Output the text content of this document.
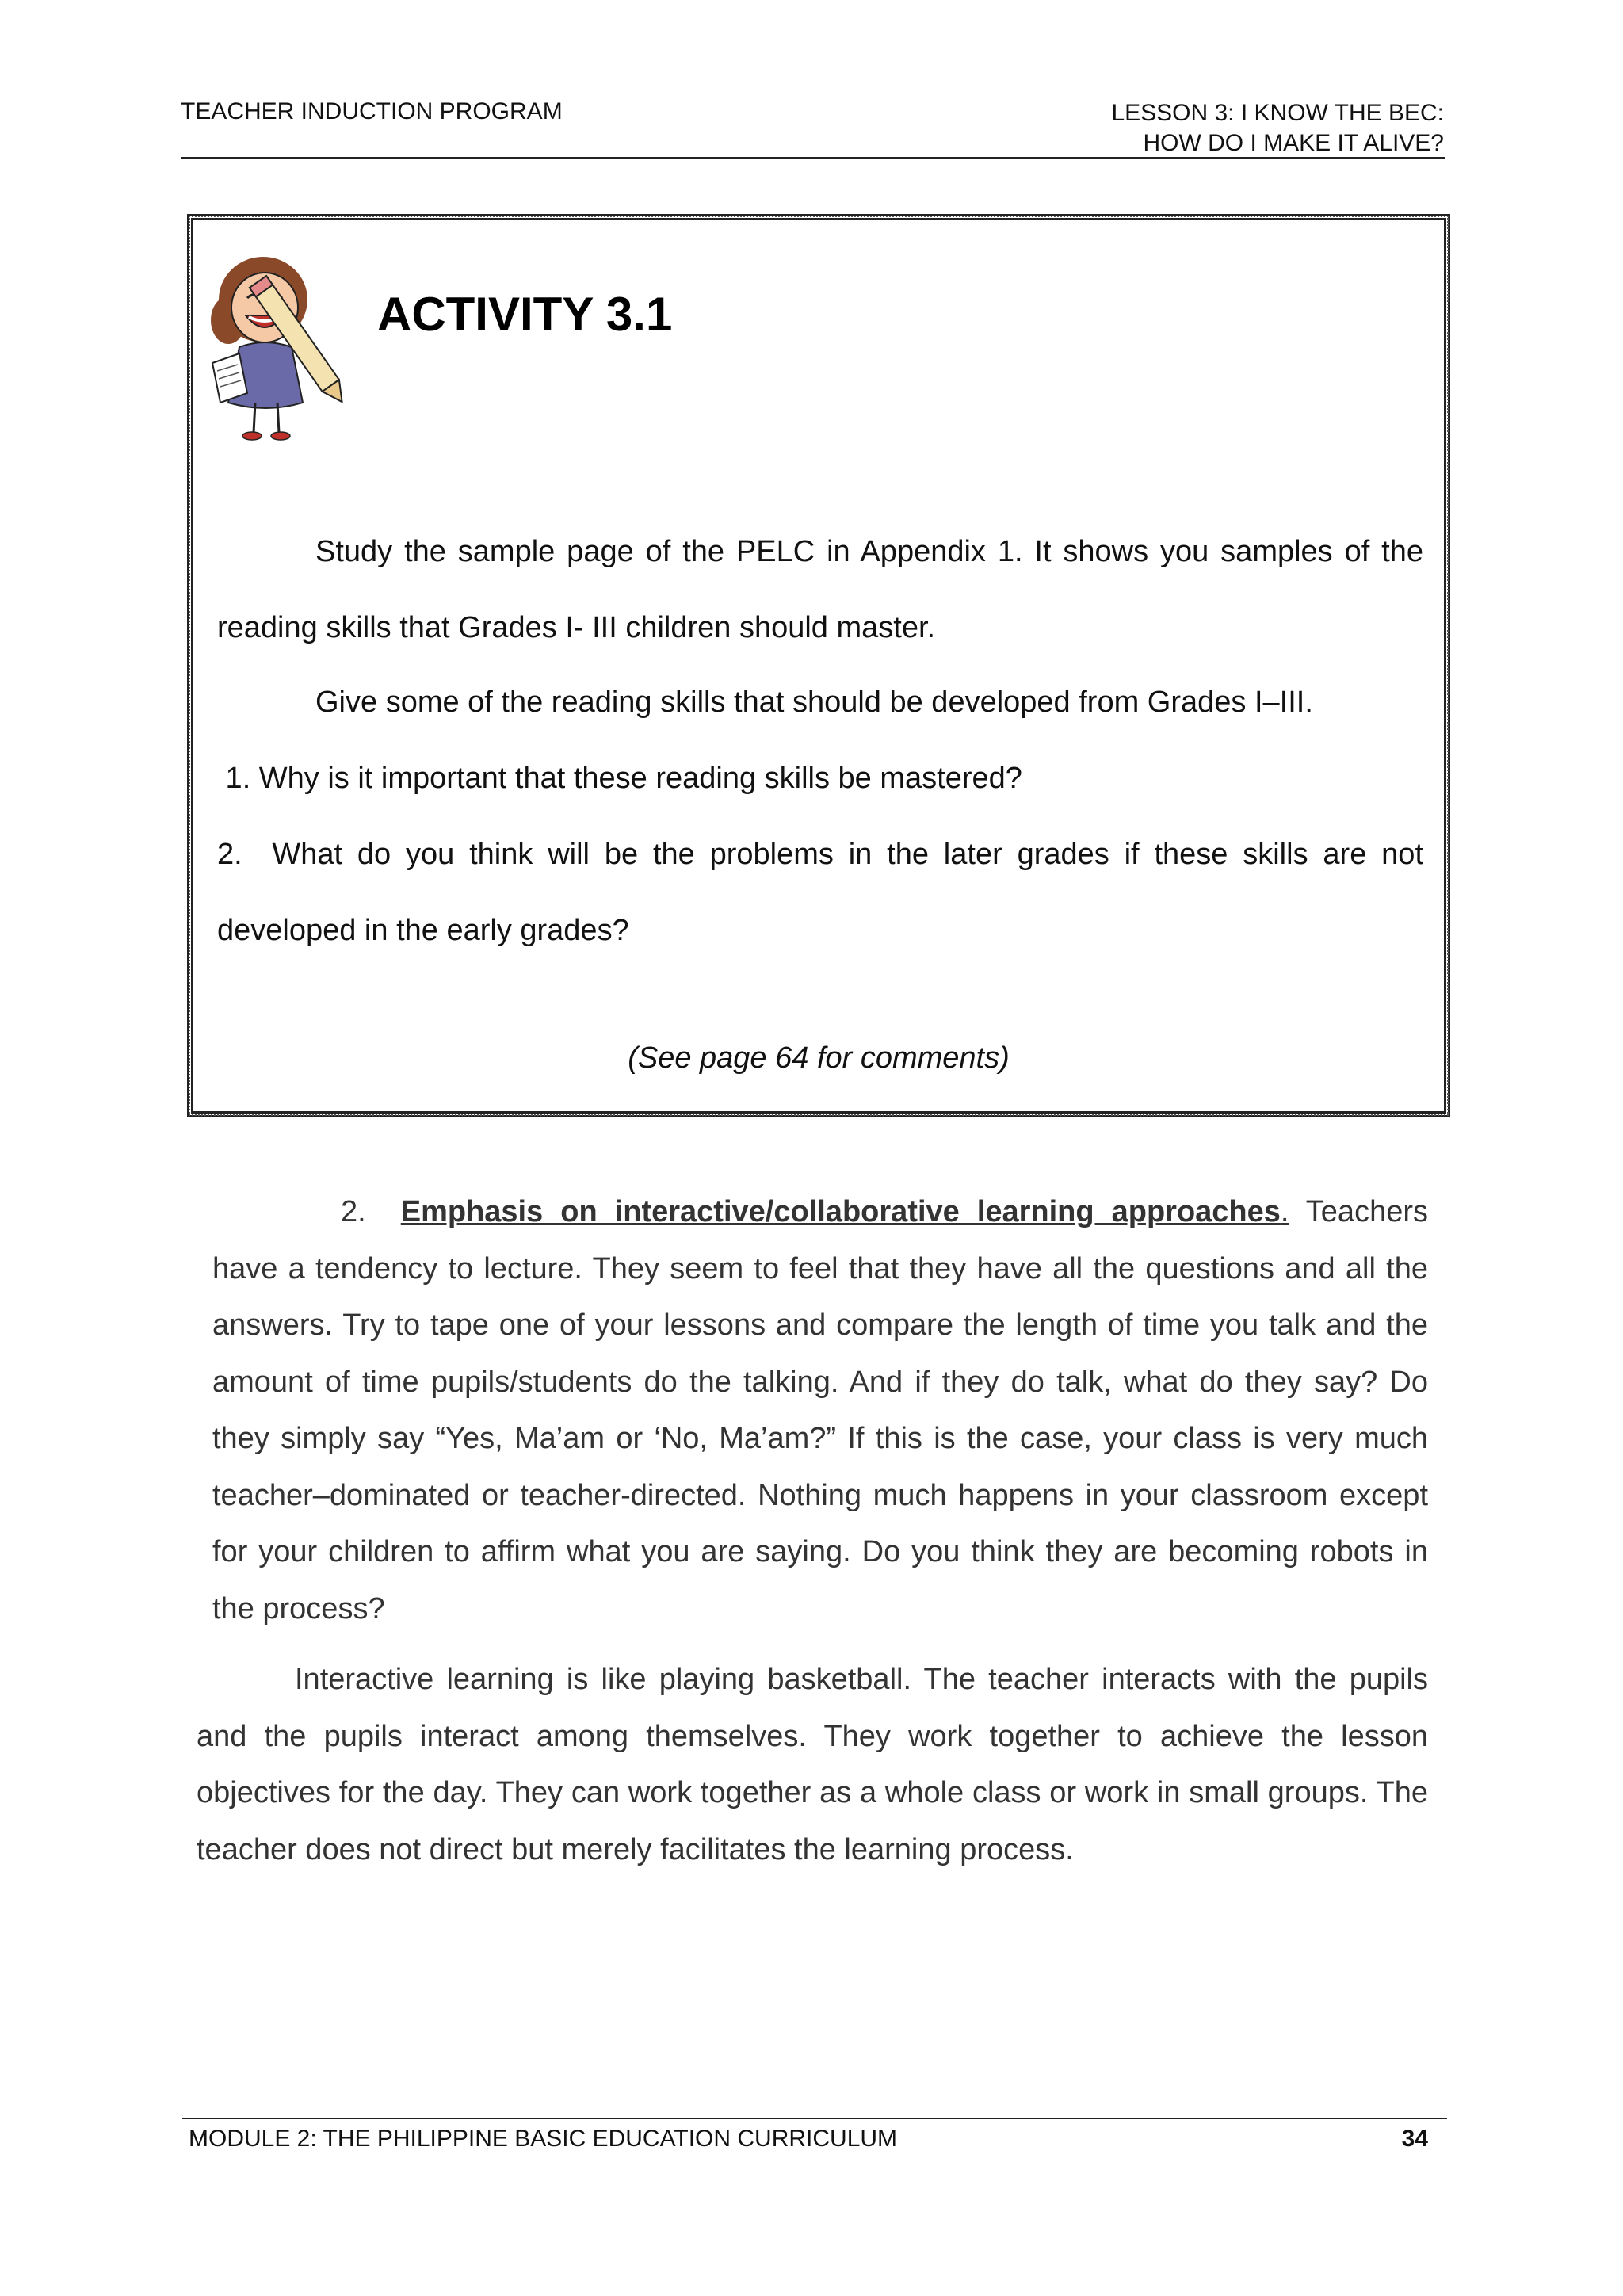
TEACHER INDUCTION PROGRAM	LESSON 3: I KNOW THE BEC:
HOW DO I MAKE IT ALIVE?
ACTIVITY 3.1
Study the sample page of the PELC in Appendix 1. It shows you samples of the reading skills that Grades I- III children should master.
Give some of the reading skills that should be developed from Grades I–III.
1. Why is it important that these reading skills be mastered?
2.  What do you think will be the problems in the later grades if these skills are not developed in the early grades?
(See page 64 for comments)
2. Emphasis on interactive/collaborative learning approaches. Teachers have a tendency to lecture. They seem to feel that they have all the questions and all the answers. Try to tape one of your lessons and compare the length of time you talk and the amount of time pupils/students do the talking. And if they do talk, what do they say? Do they simply say “Yes, Ma’am or ‘No, Ma’am?” If this is the case, your class is very much teacher–dominated or teacher-directed. Nothing much happens in your classroom except for your children to affirm what you are saying. Do you think they are becoming robots in the process?
Interactive learning is like playing basketball. The teacher interacts with the pupils and the pupils interact among themselves. They work together to achieve the lesson objectives for the day. They can work together as a whole class or work in small groups. The teacher does not direct but merely facilitates the learning process.
MODULE 2: THE PHILIPPINE BASIC EDUCATION CURRICULUM	34
